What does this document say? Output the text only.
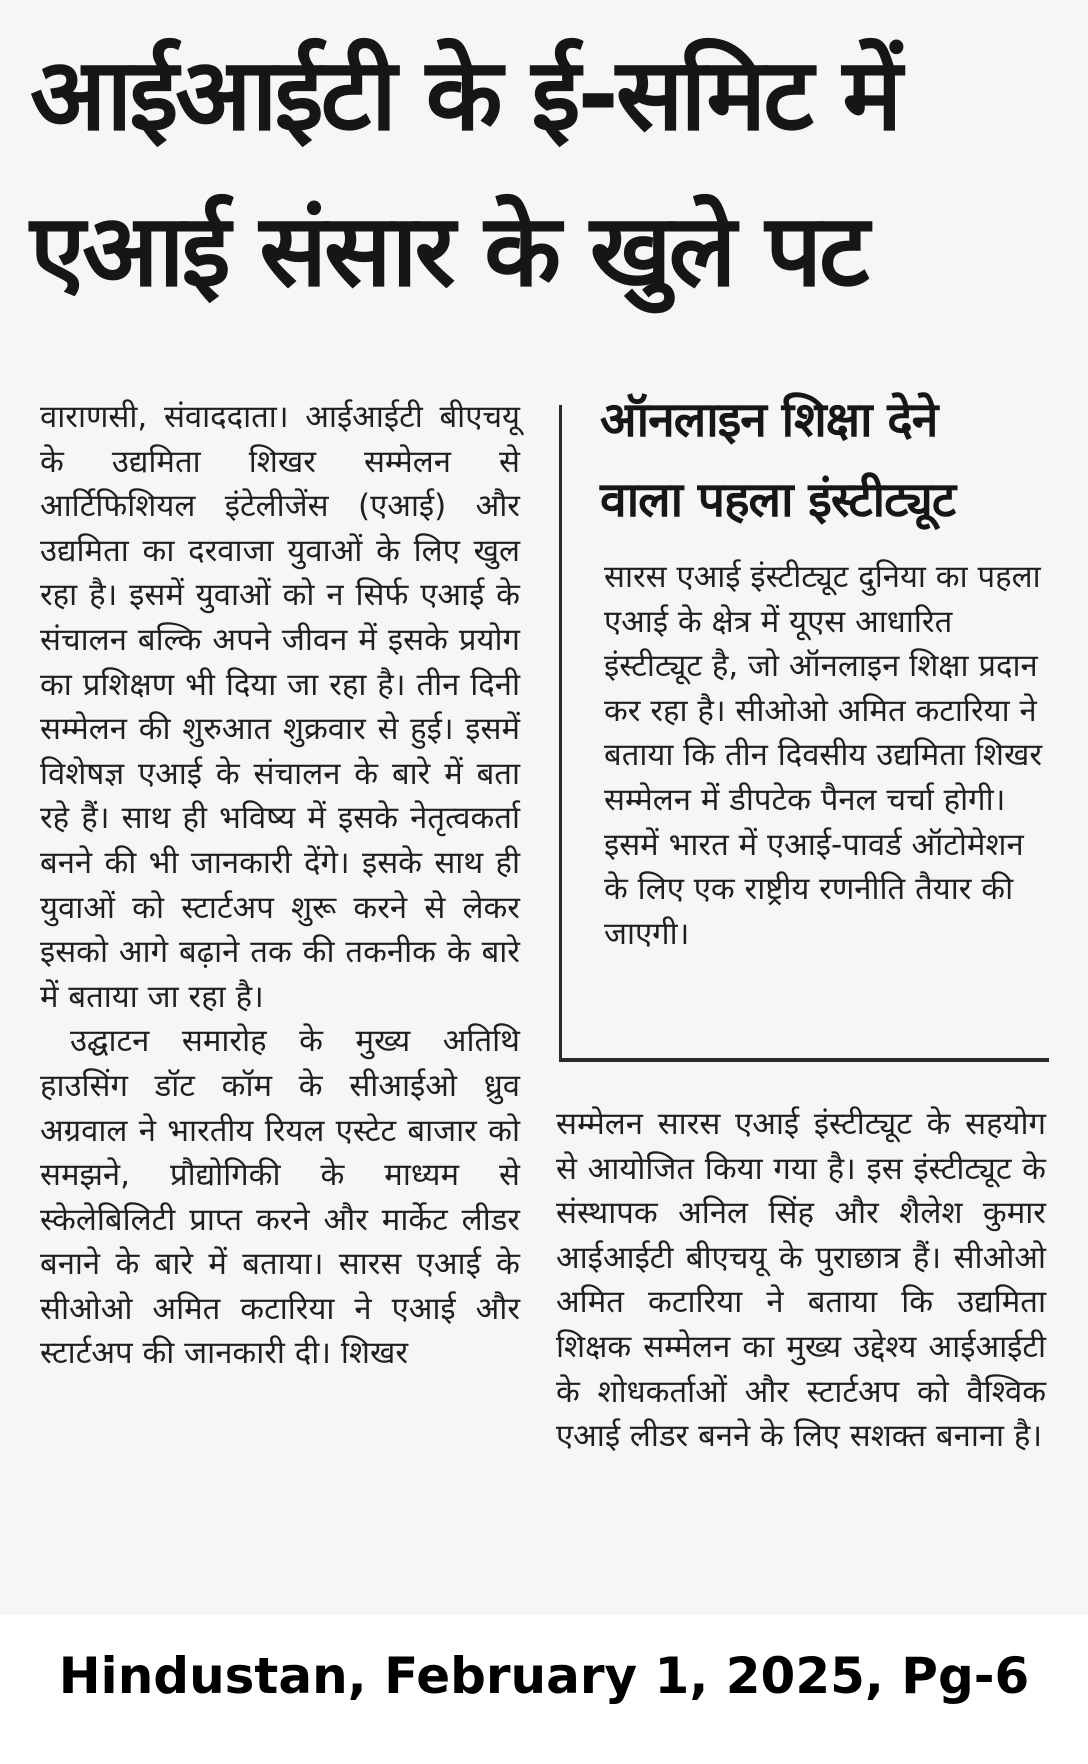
आईआईटी के ई-समिट में
एआई संसार के खुले पट

वाराणसी, संवाददाता। आईआईटी बीएचयू के उद्यमिता शिखर सम्मेलन से आर्टिफिशियल इंटेलीजेंस (एआई) और उद्यमिता का दरवाजा युवाओं के लिए खुल रहा है। इसमें युवाओं को न सिर्फ एआई के संचालन बल्कि अपने जीवन में इसके प्रयोग का प्रशिक्षण भी दिया जा रहा है। तीन दिनी सम्मेलन की शुरुआत शुक्रवार से हुई। इसमें विशेषज्ञ एआई के संचालन के बारे में बता रहे हैं। साथ ही भविष्य में इसके नेतृत्वकर्ता बनने की भी जानकारी देंगे। इसके साथ ही युवाओं को स्टार्टअप शुरू करने से लेकर इसको आगे बढ़ाने तक की तकनीक के बारे में बताया जा रहा है।

उद्घाटन समारोह के मुख्य अतिथि हाउसिंग डॉट कॉम के सीआईओ ध्रुव अग्रवाल ने भारतीय रियल एस्टेट बाजार को समझने, प्रौद्योगिकी के माध्यम से स्केलेबिलिटी प्राप्त करने और मार्केट लीडर बनाने के बारे में बताया। सारस एआई के सीओओ अमित कटारिया ने एआई और स्टार्टअप की जानकारी दी। शिखर

ऑनलाइन शिक्षा देने
वाला पहला इंस्टीट्यूट

सारस एआई इंस्टीट्यूट दुनिया का पहला एआई के क्षेत्र में यूएस आधारित इंस्टीट्यूट है, जो ऑनलाइन शिक्षा प्रदान कर रहा है। सीओओ अमित कटारिया ने बताया कि तीन दिवसीय उद्यमिता शिखर सम्मेलन में डीपटेक पैनल चर्चा होगी। इसमें भारत में एआई-पावर्ड ऑटोमेशन के लिए एक राष्ट्रीय रणनीति तैयार की जाएगी।

सम्मेलन सारस एआई इंस्टीट्यूट के सहयोग से आयोजित किया गया है। इस इंस्टीट्यूट के संस्थापक अनिल सिंह और शैलेश कुमार आईआईटी बीएचयू के पुराछात्र हैं। सीओओ अमित कटारिया ने बताया कि उद्यमिता शिक्षक सम्मेलन का मुख्य उद्देश्य आईआईटी के शोधकर्ताओं और स्टार्टअप को वैश्विक एआई लीडर बनने के लिए सशक्त बनाना है।

Hindustan, February 1, 2025, Pg-6
